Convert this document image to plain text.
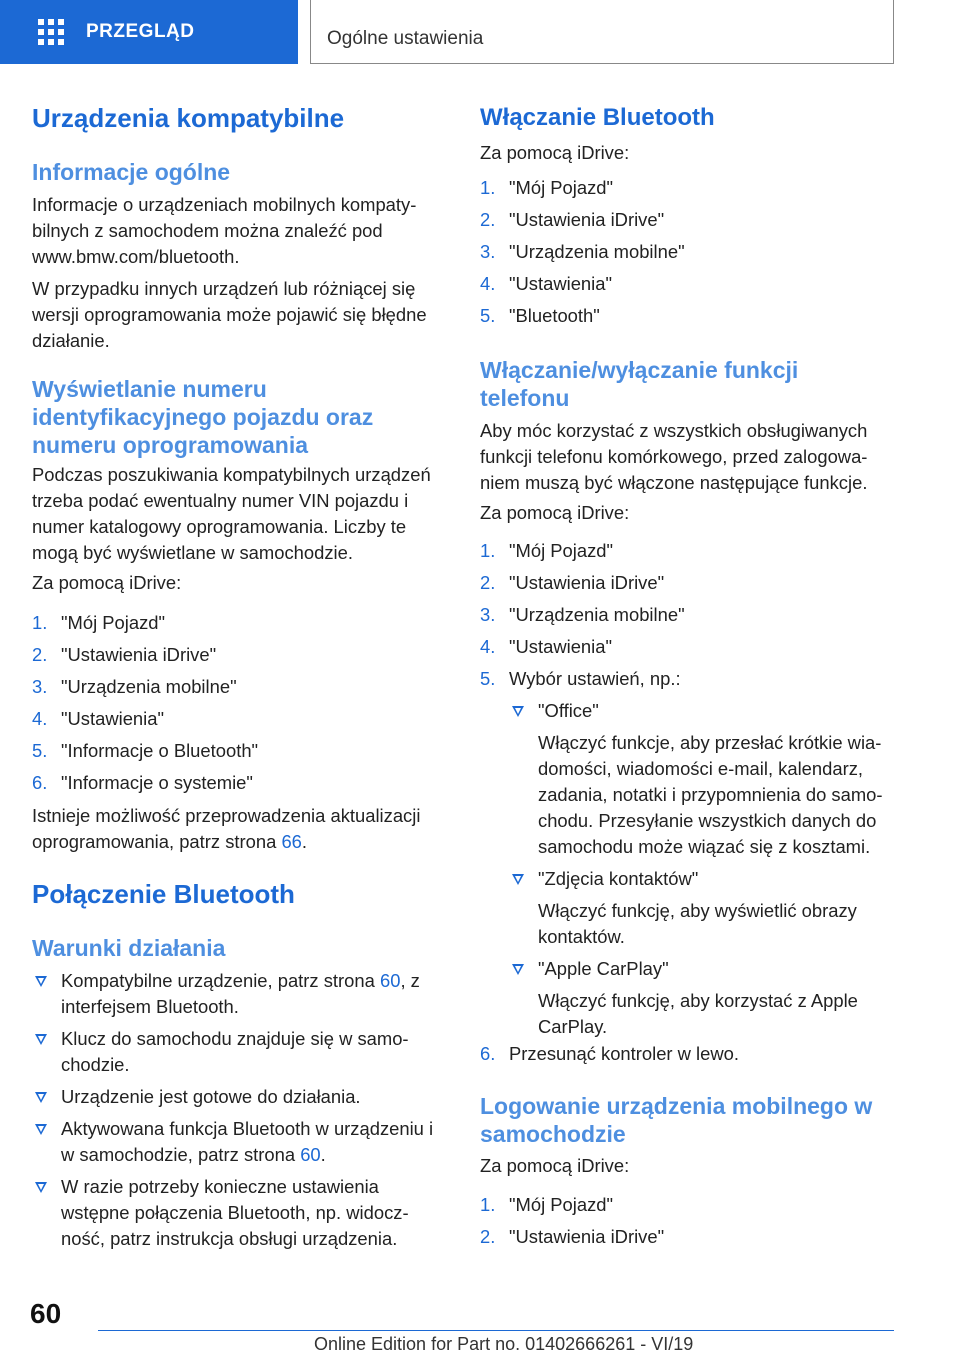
PRZEGLĄD	Ogólne ustawienia
Urządzenia kompatybilne
Informacje ogólne

Informacje o urządzeniach mobilnych kompaty- bilnych z samochodem można znaleźć pod www.bmw.com/bluetooth.

W przypadku innych urządzeń lub różniącej się wersji oprogramowania może pojawić się błędne działanie.

Wyświetlanie numeru identyfikacyjnego pojazdu oraz numeru oprogramowania

Podczas poszukiwania kompatybilnych urządzeń trzeba podać ewentualny numer VIN pojazdu i numer katalogowy oprogramowania. Liczby te mogą być wyświetlane w samochodzie.

Za pomocą iDrive:

1. "Mój Pojazd"
2. "Ustawienia iDrive"
3. "Urządzenia mobilne"
4. "Ustawienia"
5. "Informacje o Bluetooth"
6. "Informacje o systemie"

Istnieje możliwość przeprowadzenia aktualizacji oprogramowania, patrz strona 66.

Połączenie Bluetooth
Warunki działania
Kompatybilne urządzenie, patrz strona 60, z interfejsem Bluetooth.
Klucz do samochodu znajduje się w samo- chodzie.
Urządzenie jest gotowe do działania.
Aktywowana funkcja Bluetooth w urządzeniu i w samochodzie, patrz strona 60.
W razie potrzeby konieczne ustawienia wstępne połączenia Bluetooth, np. widocz- ność, patrz instrukcja obsługi urządzenia.
Włączanie Bluetooth

Za pomocą iDrive:

1. "Mój Pojazd"
2. "Ustawienia iDrive"
3. "Urządzenia mobilne"
4. "Ustawienia"
5. "Bluetooth"
Włączanie/wyłączanie funkcji telefonu

Aby móc korzystać z wszystkich obsługiwanych funkcji telefonu komórkowego, przed zalogowa- niem muszą być włączone następujące funkcje.

Za pomocą iDrive:

1. "Mój Pojazd"
2. "Ustawienia iDrive"
3. "Urządzenia mobilne"
4. "Ustawienia"
5. Wybór ustawień, np.:
"Office"
Włączyć funkcje, aby przesłać krótkie wia- domości, wiadomości e-mail, kalendarz, zadania, notatki i przypomnienia do samo- chodu. Przesyłanie wszystkich danych do samochodu może wiązać się z kosztami.
"Zdjęcia kontaktów"
Włączyć funkcję, aby wyświetlić obrazy kontaktów.
"Apple CarPlay"
Włączyć funkcję, aby korzystać z Apple CarPlay.
6. Przesunąć kontroler w lewo.
Logowanie urządzenia mobilnego w samochodzie

Za pomocą iDrive:

1. "Mój Pojazd"
2. "Ustawienia iDrive"
60
Online Edition for Part no. 01402666261 - VI/19
